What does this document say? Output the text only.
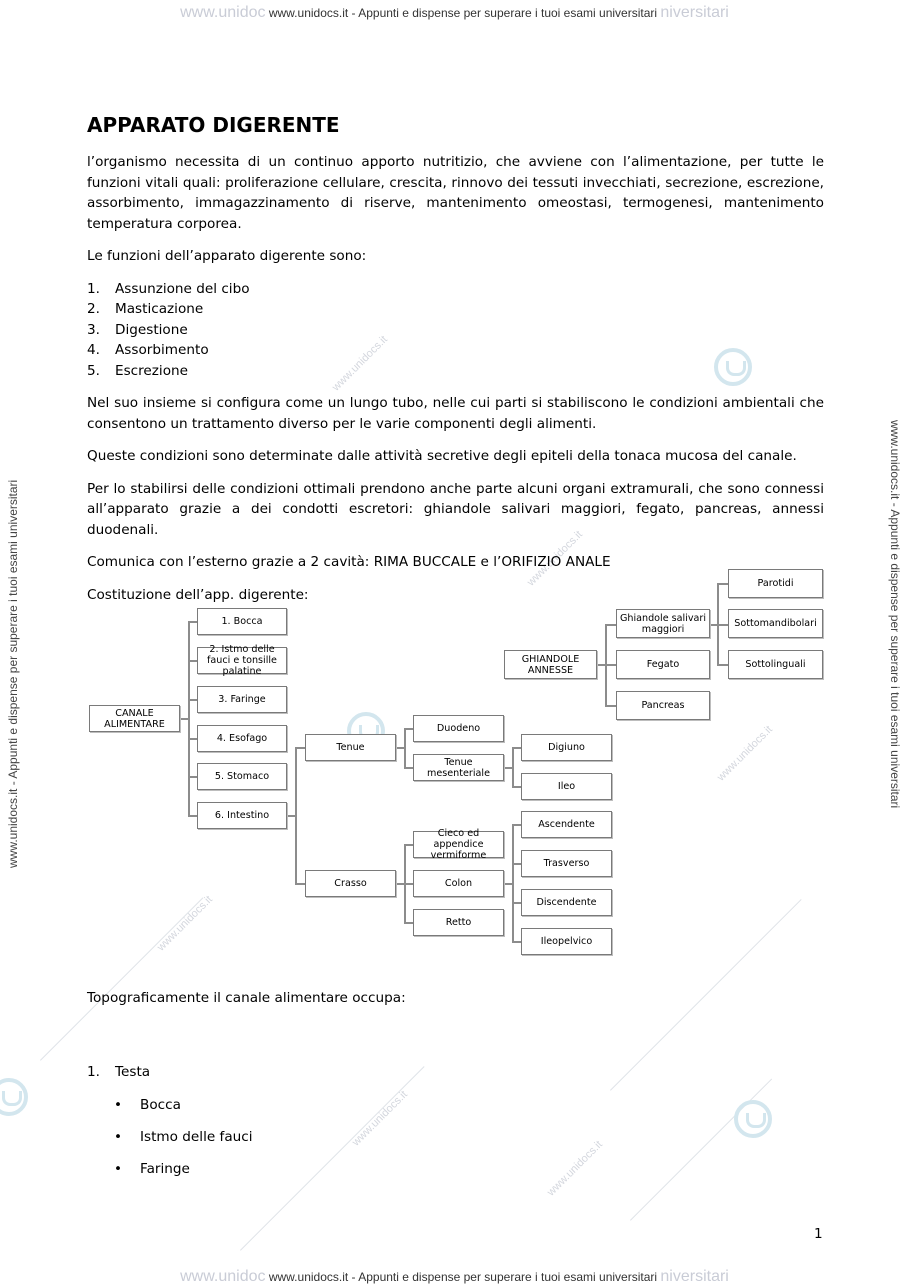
www.unidoc www.unidocs.it - Appunti e dispense per superare i tuoi esami universitari niversitari
www.unidoc www.unidocs.it - Appunti e dispense per superare i tuoi esami universitari niversitari
www.unidocs.it - Appunti e dispense per superare i tuoi esami universitari	www.unidocs.it - Appunti e dispense per superare i tuoi esami universitari
www.unidocs.it
www.unidocs.it
www.unidocs.it
www.unidocs.it
www.unidocs.it
www.unidocs.it
APPARATO DIGERENTE

l’organismo necessita di un continuo apporto nutritizio, che avviene con l’alimentazione, per tutte le funzioni vitali quali: proliferazione cellulare, crescita, rinnovo dei tessuti invecchiati, secrezione, escrezione, assorbimento, immagazzinamento di riserve, mantenimento omeostasi, termogenesi, mantenimento temperatura corporea.

Le funzioni dell’apparato digerente sono:

1.	Assunzione del cibo
2.	Masticazione
3.	Digestione
4.	Assorbimento
5.	Escrezione

Nel suo insieme si configura come un lungo tubo, nelle cui parti si stabiliscono le condizioni ambientali che consentono un trattamento diverso per le varie componenti degli alimenti.

Queste condizioni sono determinate dalle attività secretive degli epiteli della tonaca mucosa del canale.

Per lo stabilirsi delle condizioni ottimali prendono anche parte alcuni organi extramurali, che sono connessi all’apparato grazie a dei condotti escretori: ghiandole salivari maggiori, fegato, pancreas, annessi duodenali.

Comunica con l’esterno grazie a 2 cavità: RIMA BUCCALE e l’ORIFIZIO ANALE

Costituzione dell’app. digerente:

CANALE ALIMENTARE
1. Bocca
2. Istmo delle fauci e tonsille palatine
3. Faringe
4. Esofago
5. Stomaco
6. Intestino
Tenue
Crasso
Duodeno
Tenue mesenteriale
Digiuno
Ileo
Cieco ed appendice vermiforme
Colon
Retto
Ascendente
Trasverso
Discendente
Ileopelvico
GHIANDOLE ANNESSE
Ghiandole salivari maggiori
Fegato
Pancreas
Parotidi
Sottomandibolari
Sottolinguali

Topograficamente il canale alimentare occupa:

1.	Testa
•	Bocca
•	Istmo delle fauci
•	Faringe
1
